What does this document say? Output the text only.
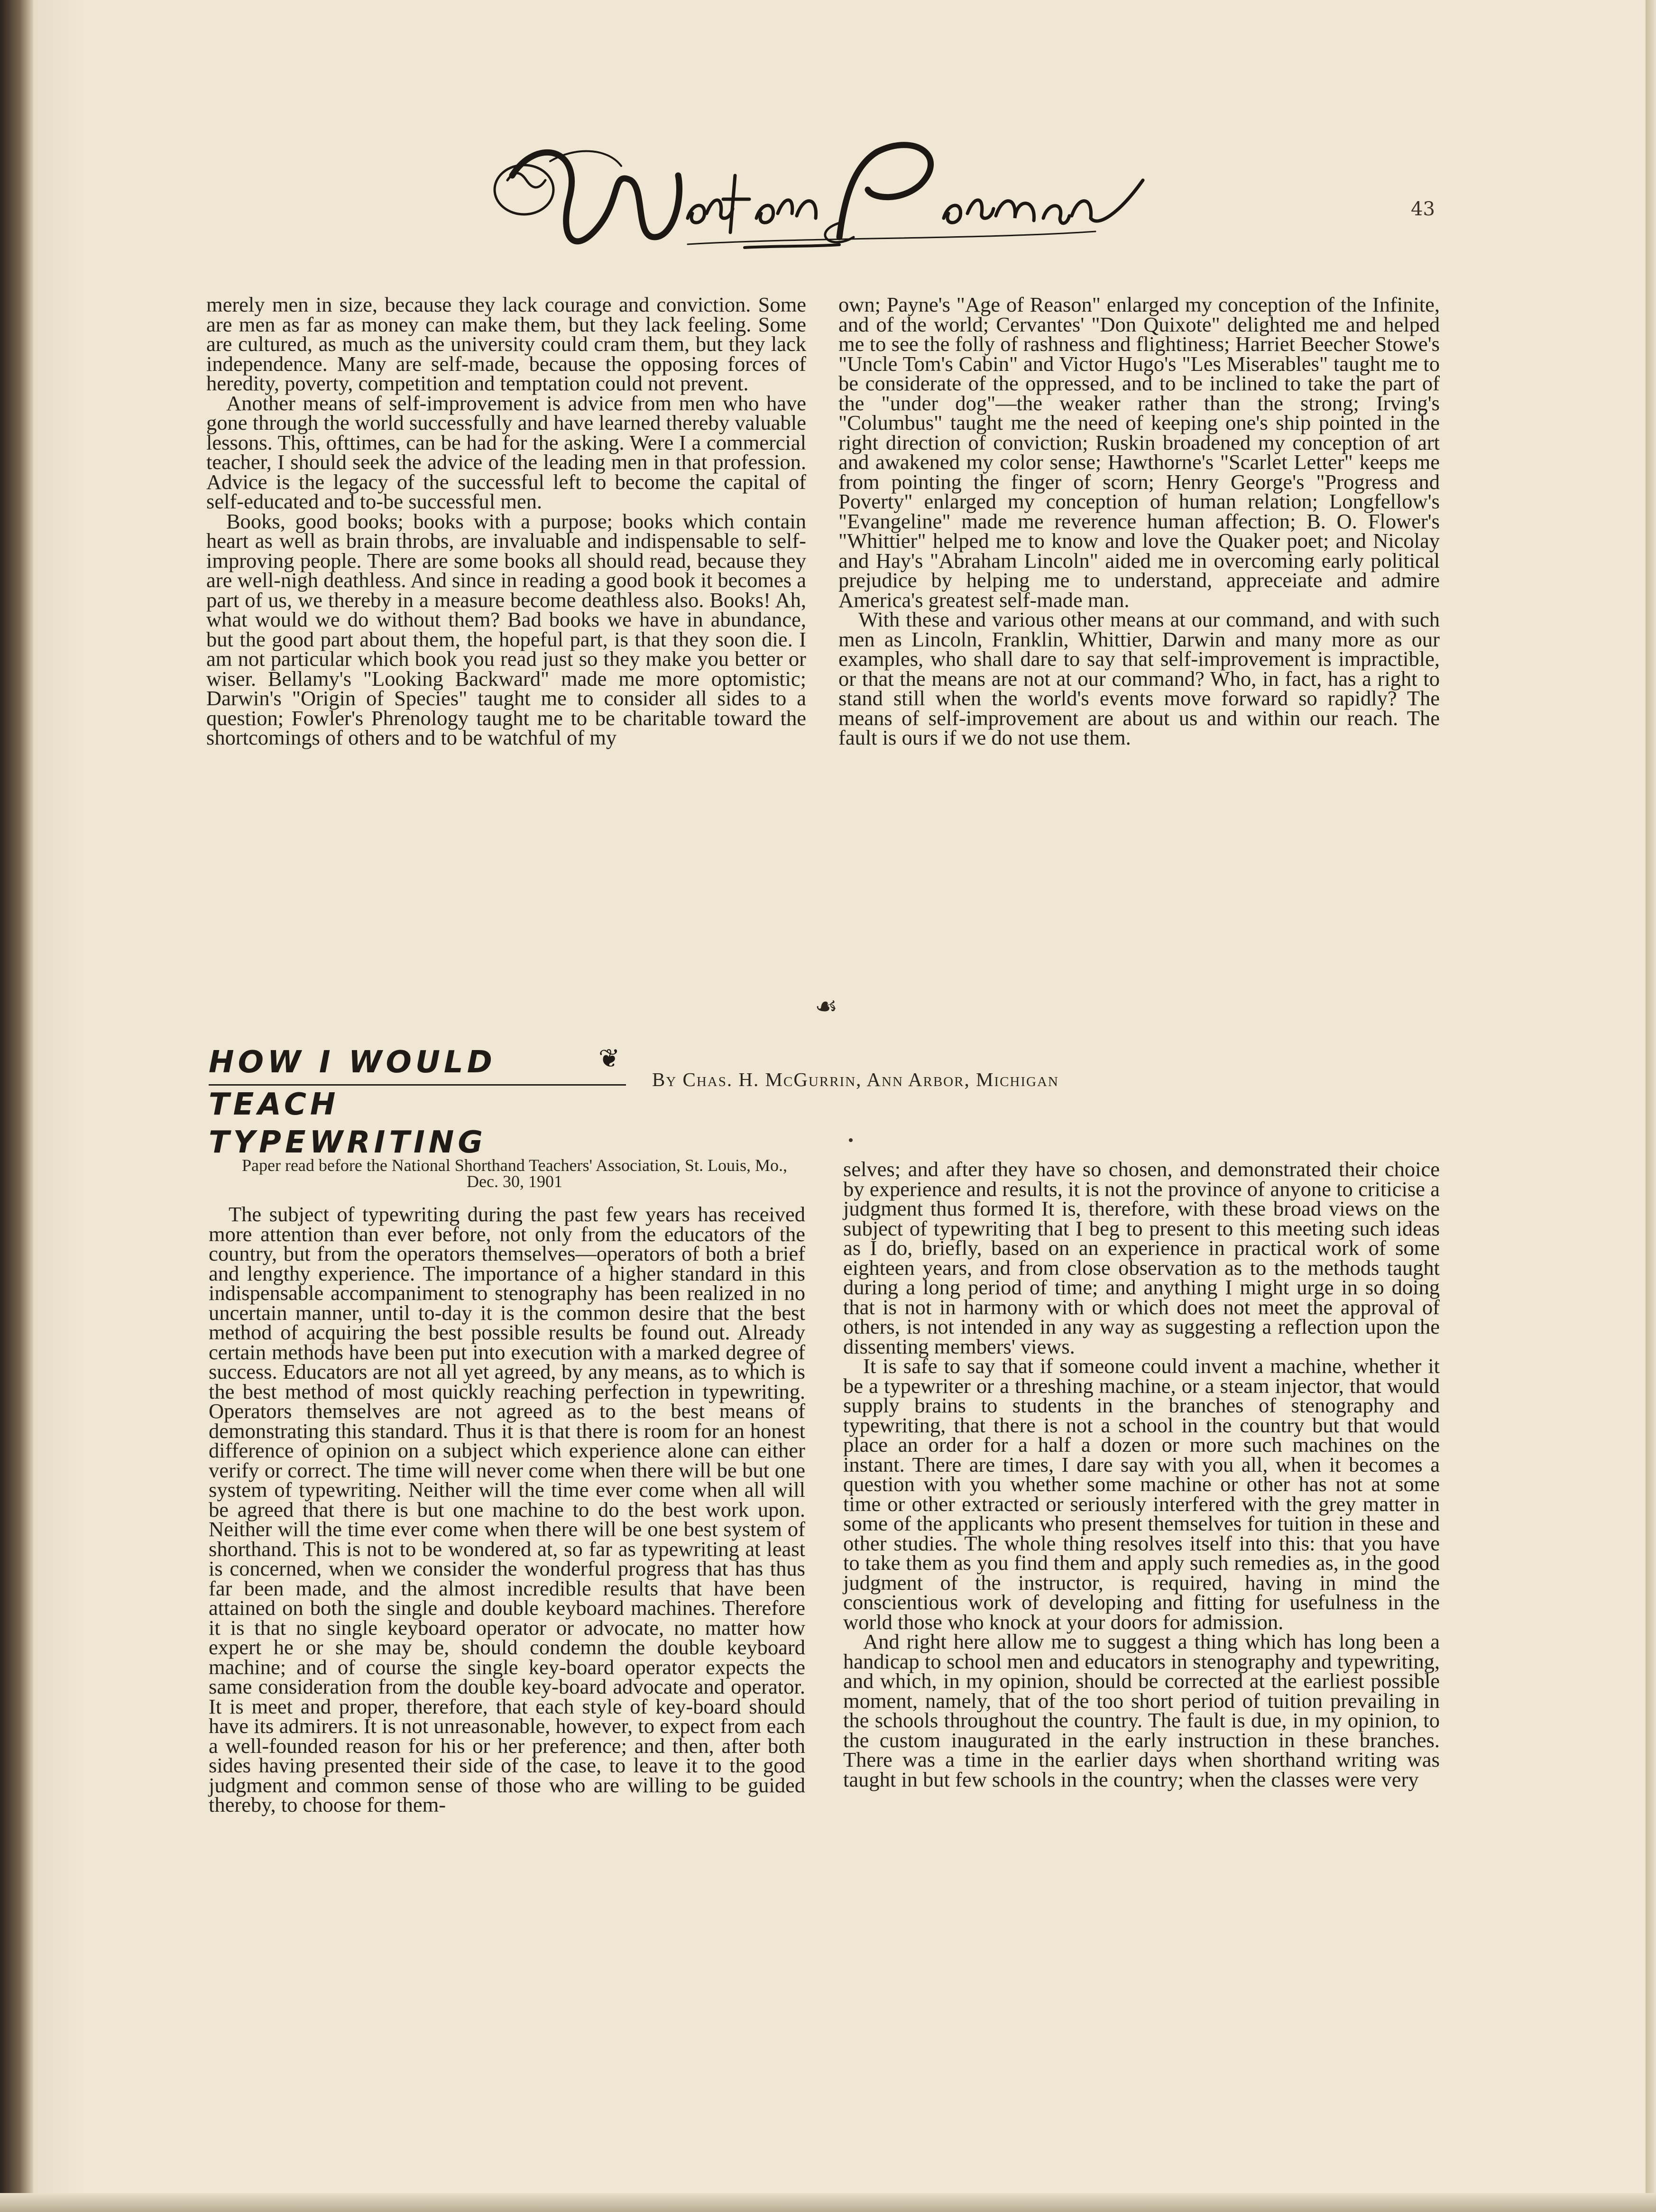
43

merely men in size, because they lack courage and conviction. Some are men as far as money can make them, but they lack feeling. Some are cultured, as much as the university could cram them, but they lack independence. Many are self-made, because the opposing forces of heredity, poverty, competition and temptation could not prevent.

Another means of self-improvement is advice from men who have gone through the world successfully and have learned thereby valuable lessons. This, ofttimes, can be had for the asking. Were I a commercial teacher, I should seek the advice of the leading men in that profession. Advice is the legacy of the successful left to become the capital of self-educated and to-be successful men.

Books, good books; books with a purpose; books which contain heart as well as brain throbs, are invaluable and indispensable to self-improving people. There are some books all should read, because they are well-nigh deathless. And since in reading a good book it becomes a part of us, we thereby in a measure become deathless also. Books! Ah, what would we do without them? Bad books we have in abundance, but the good part about them, the hopeful part, is that they soon die. I am not particular which book you read just so they make you better or wiser. Bellamy's "Looking Backward" made me more optomistic; Darwin's "Origin of Species" taught me to consider all sides to a question; Fowler's Phrenology taught me to be charitable toward the shortcomings of others and to be watchful of my

own; Payne's "Age of Reason" enlarged my conception of the Infinite, and of the world; Cervantes' "Don Quixote" delighted me and helped me to see the folly of rashness and flightiness; Harriet Beecher Stowe's "Uncle Tom's Cabin" and Victor Hugo's "Les Miserables" taught me to be considerate of the oppressed, and to be inclined to take the part of the "under dog"—the weaker rather than the strong; Irving's "Columbus" taught me the need of keeping one's ship pointed in the right direction of conviction; Ruskin broadened my conception of art and awakened my color sense; Hawthorne's "Scarlet Letter" keeps me from pointing the finger of scorn; Henry George's "Progress and Poverty" enlarged my conception of human relation; Longfellow's "Evangeline" made me reverence human affection; B. O. Flower's "Whittier" helped me to know and love the Quaker poet; and Nicolay and Hay's "Abraham Lincoln" aided me in overcoming early political prejudice by helping me to understand, appreceiate and admire America's greatest self-made man.

With these and various other means at our command, and with such men as Lincoln, Franklin, Whittier, Darwin and many more as our examples, who shall dare to say that self-improvement is impractible, or that the means are not at our command? Who, in fact, has a right to stand still when the world's events move forward so rapidly? The means of self-improvement are about us and within our reach. The fault is ours if we do not use them.

☙
HOW I WOULD
TEACH TYPEWRITING
❦
By Chas. H. McGurrin, Ann Arbor, Michigan
Paper read before the National Shorthand Teachers' Association, St. Louis, Mo., Dec. 30, 1901

The subject of typewriting during the past few years has received more attention than ever before, not only from the educators of the country, but from the operators themselves—operators of both a brief and lengthy experience. The importance of a higher standard in this indispensable accompaniment to stenography has been realized in no uncertain manner, until to-day it is the common desire that the best method of acquiring the best possible results be found out. Already certain methods have been put into execution with a marked degree of success. Educators are not all yet agreed, by any means, as to which is the best method of most quickly reaching perfection in typewriting. Operators themselves are not agreed as to the best means of demonstrating this standard. Thus it is that there is room for an honest difference of opinion on a subject which experience alone can either verify or correct. The time will never come when there will be but one system of typewriting. Neither will the time ever come when all will be agreed that there is but one machine to do the best work upon. Neither will the time ever come when there will be one best system of shorthand. This is not to be wondered at, so far as typewriting at least is concerned, when we consider the wonderful progress that has thus far been made, and the almost incredible results that have been attained on both the single and double keyboard machines. Therefore it is that no single keyboard operator or advocate, no matter how expert he or she may be, should condemn the double keyboard machine; and of course the single key-board operator expects the same consideration from the double key-board advocate and operator. It is meet and proper, therefore, that each style of key-board should have its admirers. It is not unreasonable, however, to expect from each a well-founded reason for his or her preference; and then, after both sides having presented their side of the case, to leave it to the good judgment and common sense of those who are willing to be guided thereby, to choose for them-

selves; and after they have so chosen, and demonstrated their choice by experience and results, it is not the province of anyone to criticise a judgment thus formed It is, therefore, with these broad views on the subject of typewriting that I beg to present to this meeting such ideas as I do, briefly, based on an experience in practical work of some eighteen years, and from close observation as to the methods taught during a long period of time; and anything I might urge in so doing that is not in harmony with or which does not meet the approval of others, is not intended in any way as suggesting a reflection upon the dissenting members' views.

It is safe to say that if someone could invent a machine, whether it be a typewriter or a threshing machine, or a steam injector, that would supply brains to students in the branches of stenography and typewriting, that there is not a school in the country but that would place an order for a half a dozen or more such machines on the instant. There are times, I dare say with you all, when it becomes a question with you whether some machine or other has not at some time or other extracted or seriously interfered with the grey matter in some of the applicants who present themselves for tuition in these and other studies. The whole thing resolves itself into this: that you have to take them as you find them and apply such remedies as, in the good judgment of the instructor, is required, having in mind the conscientious work of developing and fitting for usefulness in the world those who knock at your doors for admission.

And right here allow me to suggest a thing which has long been a handicap to school men and educators in stenography and typewriting, and which, in my opinion, should be corrected at the earliest possible moment, namely, that of the too short period of tuition prevailing in the schools throughout the country. The fault is due, in my opinion, to the custom inaugurated in the early instruction in these branches. There was a time in the earlier days when shorthand writing was taught in but few schools in the country; when the classes were very
